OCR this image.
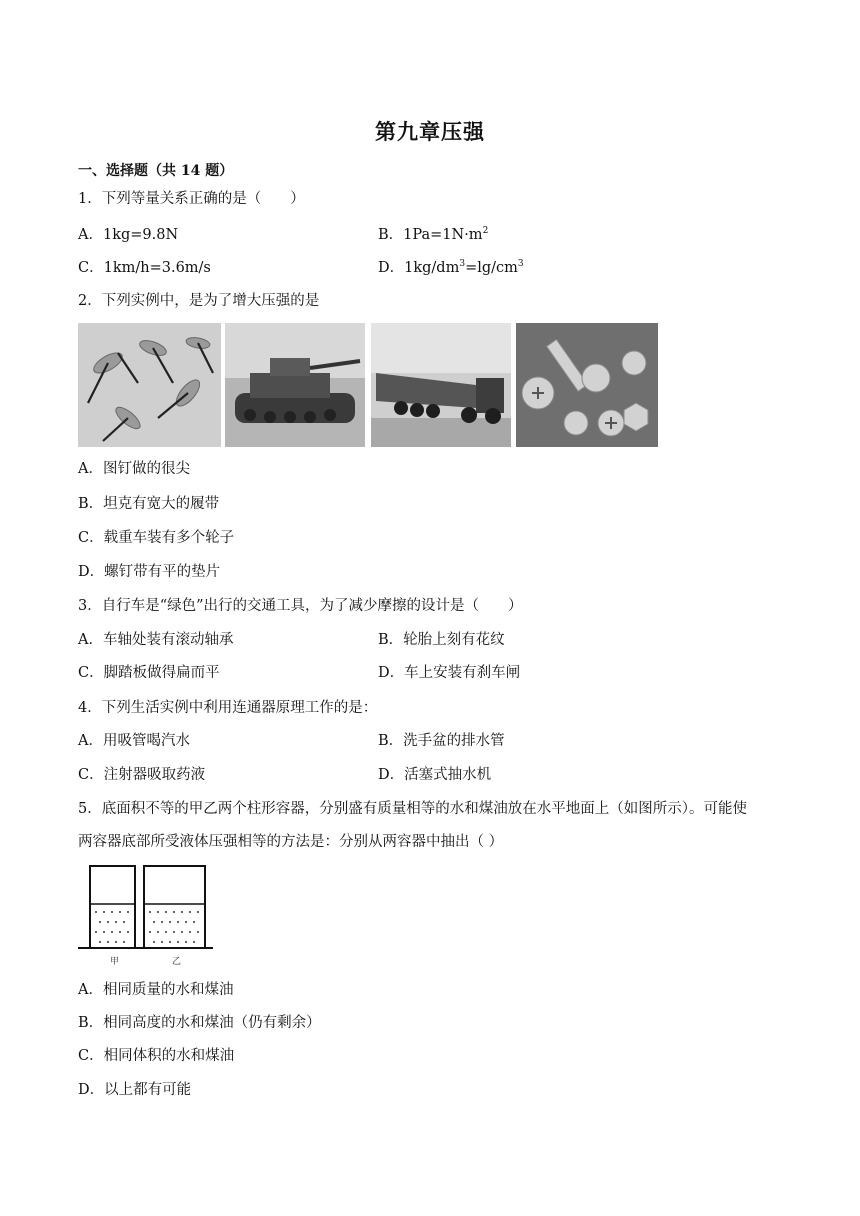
第九章压强
一、选择题（共 14 题）
1．下列等量关系正确的是（　　）
A．1kg=9.8N	B．$1Pa=1N\cdot m^2$
C．1km/h=3.6m/s	D．$1kg/dm^3=\lg/cm^3$
2．下列实例中，是为了增大压强的是
A．图钉做的很尖
B．坦克有宽大的履带
C．载重车装有多个轮子
D．螺钉带有平的垫片
3．自行车是“绿色”出行的交通工具，为了减少摩擦的设计是（　　）
A．车轴处装有滚动轴承	B．轮胎上刻有花纹
C．脚踏板做得扁而平	D．车上安装有刹车闸
4．下列生活实例中利用连通器原理工作的是：
A．用吸管喝汽水	B．洗手盆的排水管
C．注射器吸取药液	D．活塞式抽水机
5．底面积不等的甲乙两个柱形容器，分别盛有质量相等的水和煤油放在水平地面上（如图所示）。可能使
两容器底部所受液体压强相等的方法是：分别从两容器中抽出（ ）
甲	乙
A．相同质量的水和煤油
B．相同高度的水和煤油（仍有剩余）
C．相同体积的水和煤油
D．以上都有可能
